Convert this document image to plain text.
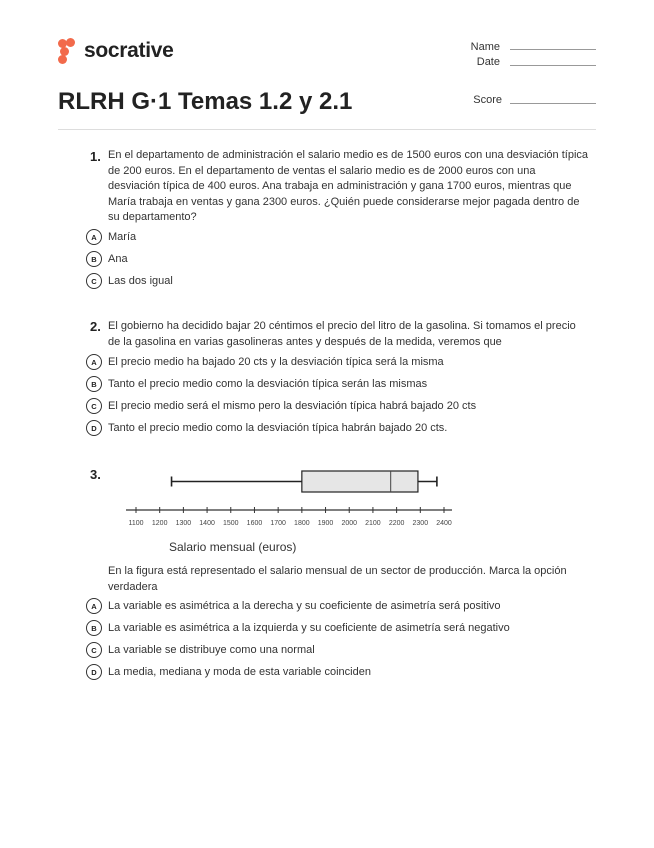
socrative	Name
Date
Score
RLRH G·1 Temas 1.2 y 2.1
1. En el departamento de administración el salario medio es de 1500 euros con una desviación típica de 200 euros. En el departamento de ventas el salario medio es de 2000 euros con una desviación típica de 400 euros. Ana trabaja en administración y gana 1700 euros, mientras que María trabaja en ventas y gana 2300 euros. ¿Quién puede considerarse mejor pagada dentro de su departamento?
A	María
B	Ana
C	Las dos igual
2. El gobierno ha decidido bajar 20 céntimos el precio del litro de la gasolina. Si tomamos el precio de la gasolina en varias gasolineras antes y después de la medida, veremos que
A	El precio medio ha bajado 20 cts y la desviación típica será la misma
B	Tanto el precio medio como la desviación típica serán las mismas
C	El precio medio será el mismo pero la desviación típica habrá bajado 20 cts
D	Tanto el precio medio como la desviación típica habrán bajado 20 cts.
3.
1100 1200 1300 1400 1500 1600 1700 1800 1900 2000 2100 2200 2300 2400
Salario mensual (euros)
En la figura está representado el salario mensual de un sector de producción. Marca la opción verdadera
A	La variable es asimétrica a la derecha y su coeficiente de asimetría será positivo
B	La variable es asimétrica a la izquierda y su coeficiente de asimetría será negativo
C	La variable se distribuye como una normal
D	La media, mediana y moda de esta variable coinciden
